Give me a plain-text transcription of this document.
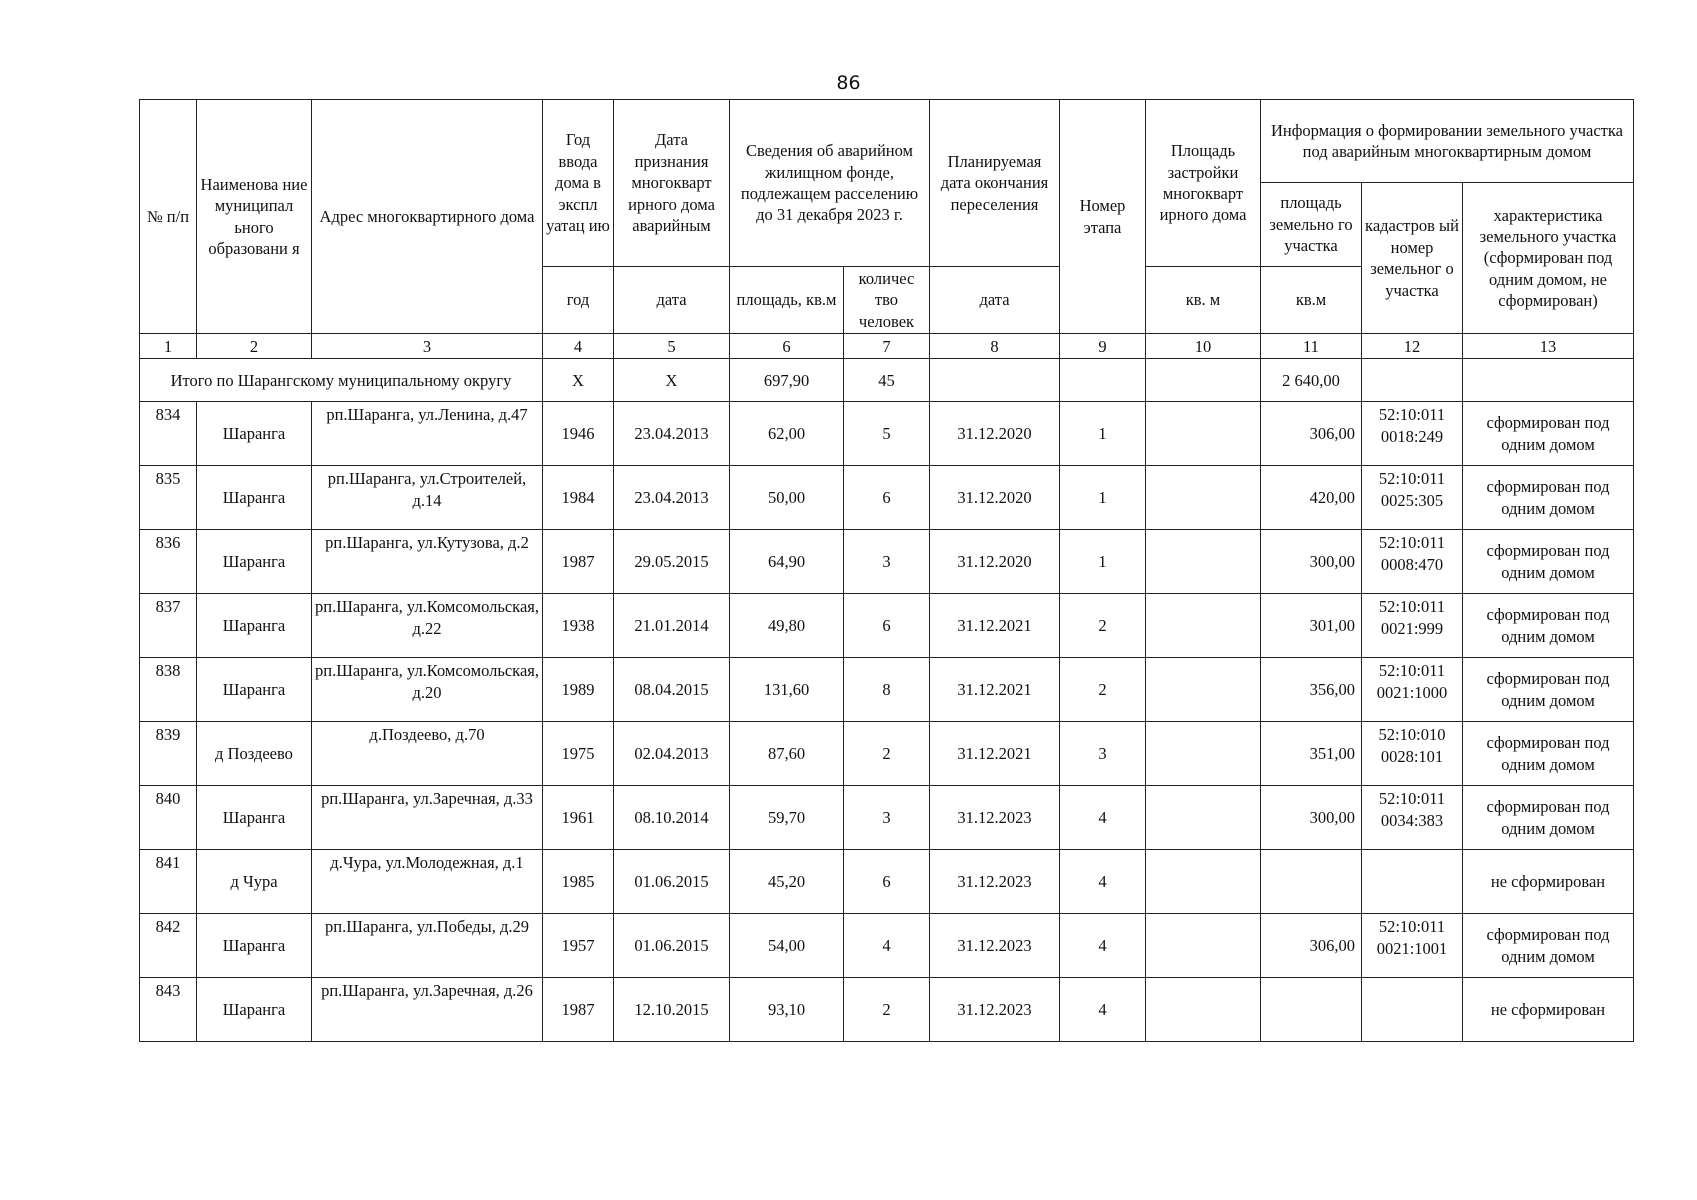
86
№ п/п	Наименова ние муниципал ьного образовани я	Адрес многоквартирного дома	Год ввода дома в экспл уатац ию	Дата признания многокварт ирного дома аварийным	Сведения об аварийном жилищном фонде, подлежащем расселению до 31 декабря 2023 г.		Планируемая дата окончания переселения	Номер этапа	Площадь застройки многокварт ирного дома	Информация о формировании земельного участка под аварийным многоквартирным домом		
										площадь земельно го участка	кадастров ый номер земельног о участка	характеристика земельного участка (сформирован под одним домом, не сформирован)
			год	дата	площадь, кв.м	количес тво человек	дата		кв. м	кв.м		
1	2	3	4	5	6	7	8	9	10	11	12	13
Итого по Шарангскому муниципальному округу			X	X	697,90	45				2 640,00		
834	Шаранга	рп.Шаранга, ул.Ленина, д.47	1946	23.04.2013	62,00	5	31.12.2020	1		306,00	52:10:011 0018:249	сформирован под одним домом
835	Шаранга	рп.Шаранга, ул.Строителей, д.14	1984	23.04.2013	50,00	6	31.12.2020	1		420,00	52:10:011 0025:305	сформирован под одним домом
836	Шаранга	рп.Шаранга, ул.Кутузова, д.2	1987	29.05.2015	64,90	3	31.12.2020	1		300,00	52:10:011 0008:470	сформирован под одним домом
837	Шаранга	рп.Шаранга, ул.Комсомольская, д.22	1938	21.01.2014	49,80	6	31.12.2021	2		301,00	52:10:011 0021:999	сформирован под одним домом
838	Шаранга	рп.Шаранга, ул.Комсомольская, д.20	1989	08.04.2015	131,60	8	31.12.2021	2		356,00	52:10:011 0021:1000	сформирован под одним домом
839	д Поздеево	д.Поздеево, д.70	1975	02.04.2013	87,60	2	31.12.2021	3		351,00	52:10:010 0028:101	сформирован под одним домом
840	Шаранга	рп.Шаранга, ул.Заречная, д.33	1961	08.10.2014	59,70	3	31.12.2023	4		300,00	52:10:011 0034:383	сформирован под одним домом
841	д Чура	д.Чура, ул.Молодежная, д.1	1985	01.06.2015	45,20	6	31.12.2023	4				не сформирован
842	Шаранга	рп.Шаранга, ул.Победы, д.29	1957	01.06.2015	54,00	4	31.12.2023	4		306,00	52:10:011 0021:1001	сформирован под одним домом
843	Шаранга	рп.Шаранга, ул.Заречная, д.26	1987	12.10.2015	93,10	2	31.12.2023	4				не сформирован
